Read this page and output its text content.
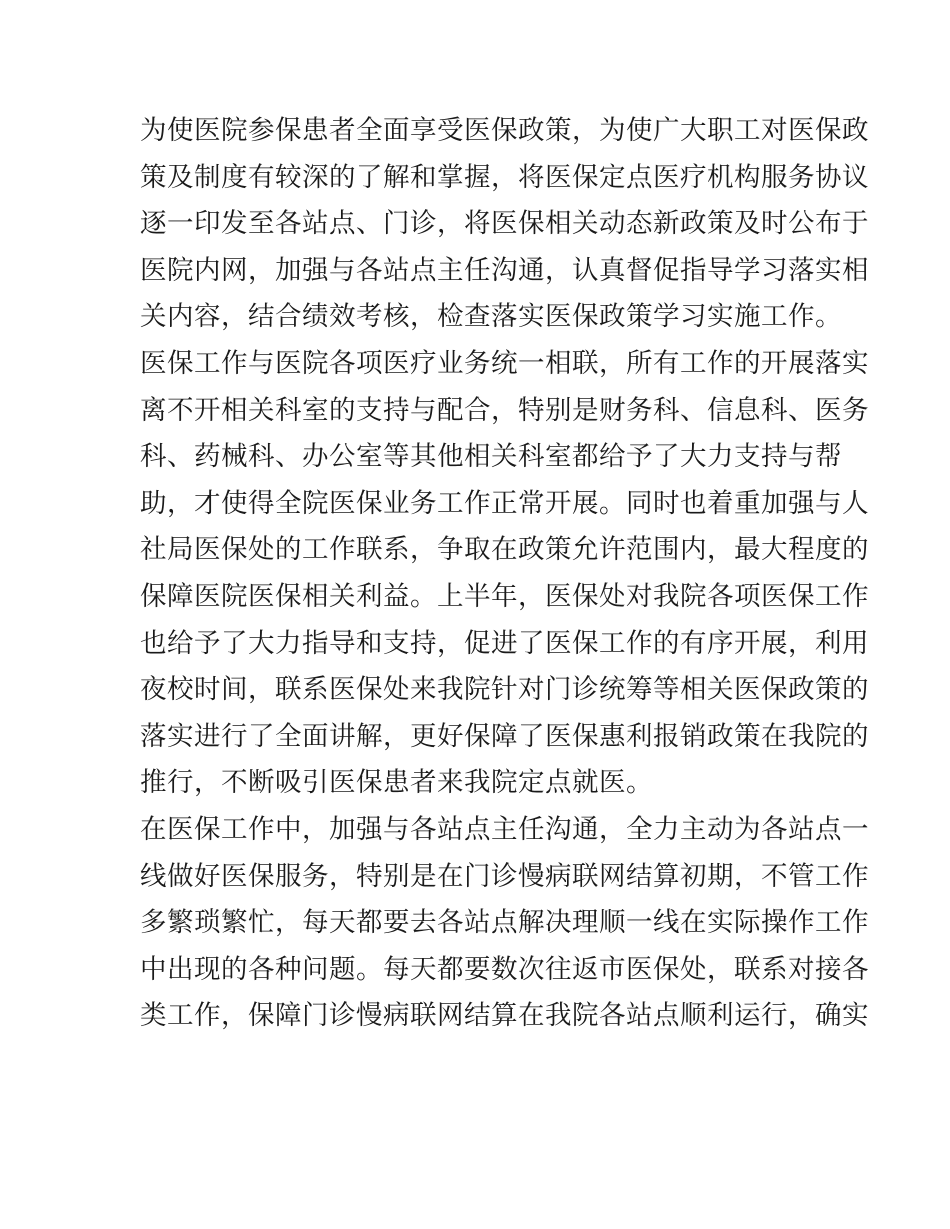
为使医院参保患者全面享受医保政策，为使广大职工对医保政
策及制度有较深的了解和掌握，将医保定点医疗机构服务协议
逐一印发至各站点、门诊，将医保相关动态新政策及时公布于
医院内网，加强与各站点主任沟通，认真督促指导学习落实相
关内容，结合绩效考核，检查落实医保政策学习实施工作。
医保工作与医院各项医疗业务统一相联，所有工作的开展落实
离不开相关科室的支持与配合，特别是财务科、信息科、医务
科、药械科、办公室等其他相关科室都给予了大力支持与帮
助，才使得全院医保业务工作正常开展。同时也着重加强与人
社局医保处的工作联系，争取在政策允许范围内，最大程度的
保障医院医保相关利益。上半年，医保处对我院各项医保工作
也给予了大力指导和支持，促进了医保工作的有序开展，利用
夜校时间，联系医保处来我院针对门诊统筹等相关医保政策的
落实进行了全面讲解，更好保障了医保惠利报销政策在我院的
推行，不断吸引医保患者来我院定点就医。
在医保工作中，加强与各站点主任沟通，全力主动为各站点一
线做好医保服务，特别是在门诊慢病联网结算初期，不管工作
多繁琐繁忙，每天都要去各站点解决理顺一线在实际操作工作
中出现的各种问题。每天都要数次往返市医保处，联系对接各
类工作，保障门诊慢病联网结算在我院各站点顺利运行，确实
